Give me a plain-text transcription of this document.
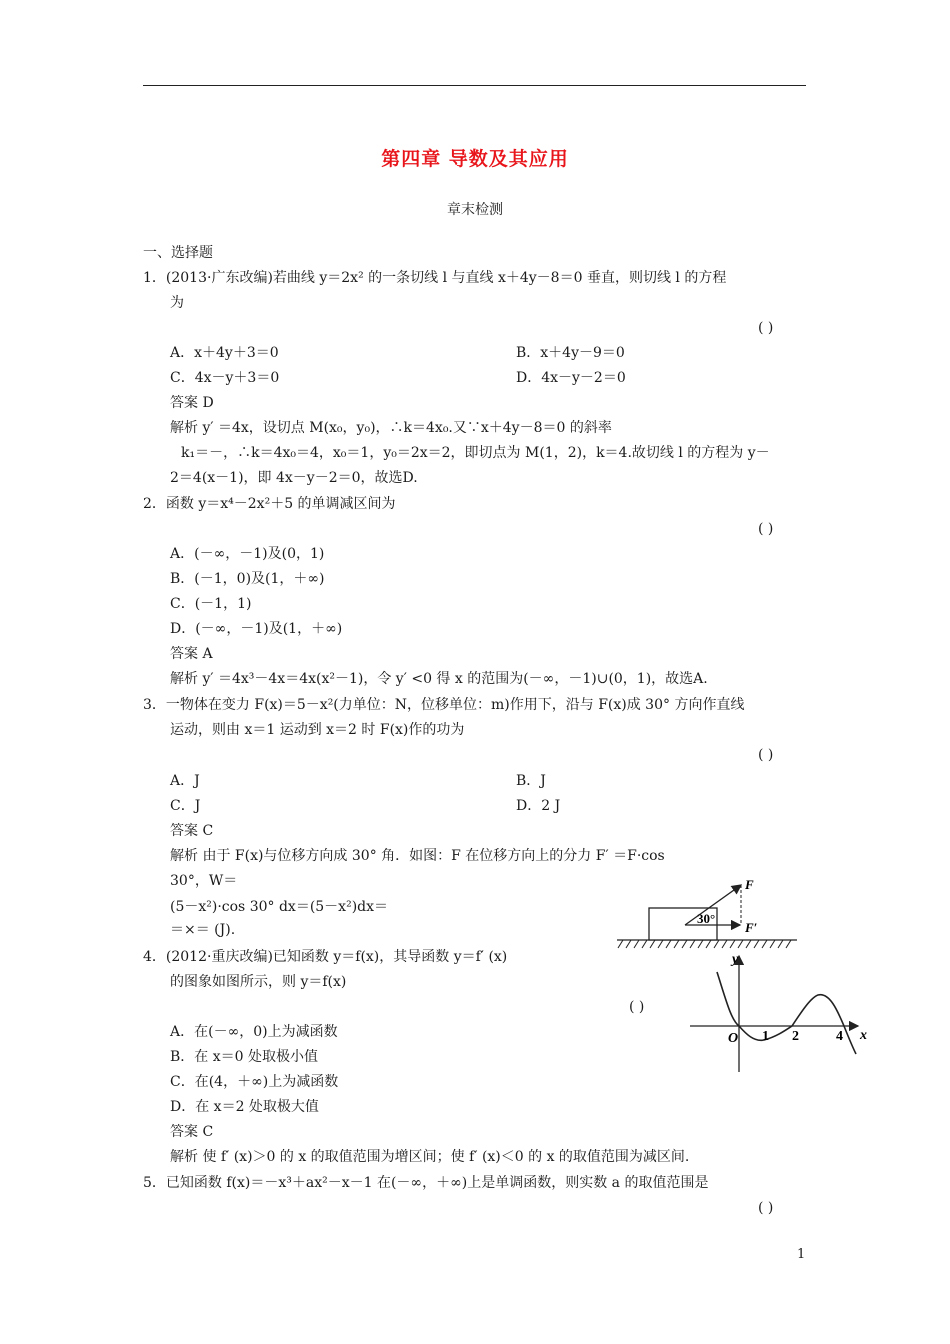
第四章 导数及其应用
章末检测
一、选择题
1．(2013·广东改编)若曲线 y＝2x² 的一条切线 l 与直线 x＋4y－8＝0 垂直，则切线 l 的方程
为
( )
A．x＋4y＋3＝0	B．x＋4y－9＝0
C．4x－y＋3＝0	D．4x－y－2＝0
答案 D
解析 y′ ＝4x，设切点 M(x₀，y₀)，∴k＝4x₀.又∵x＋4y－8＝0 的斜率
k₁＝－，∴k＝4x₀＝4，x₀＝1，y₀＝2x＝2，即切点为 M(1，2)，k＝4.故切线 l 的方程为 y－
2＝4(x－1)，即 4x－y－2＝0，故选D.
2．函数 y＝x⁴－2x²＋5 的单调减区间为
( )
A．(－∞，－1)及(0，1)
B．(－1，0)及(1，＋∞)
C．(－1，1)
D．(－∞，－1)及(1，＋∞)
答案 A
解析 y′ ＝4x³－4x＝4x(x²－1)，令 y′ <0 得 x 的范围为(－∞，－1)∪(0，1)，故选A.
3．一物体在变力 F(x)＝5－x²(力单位：N，位移单位：m)作用下，沿与 F(x)成 30° 方向作直线
运动，则由 x＝1 运动到 x＝2 时 F(x)作的功为
( )
A．J	B．J
C．J	D．2 J
答案 C
解析 由于 F(x)与位移方向成 30° 角．如图：F 在位移方向上的分力 F′ ＝F·cos
30°，W＝
(5－x²)·cos 30° dx＝(5－x²)dx＝
＝×＝ (J).
F
F′
30°
4．(2012·重庆改编)已知函数 y＝f(x)，其导函数 y＝f′ (x)
的图象如图所示，则 y＝f(x)
( )
A．在(－∞，0)上为减函数
B．在 x＝0 处取极小值
C．在(4，＋∞)上为减函数
D．在 x＝2 处取极大值
答案 C
解析 使 f′ (x)＞0 的 x 的取值范围为增区间；使 f′ (x)＜0 的 x 的取值范围为减区间.
y
x
O 1 2	4
5．已知函数 f(x)＝－x³＋ax²－x－1 在(－∞，＋∞)上是单调函数，则实数 a 的取值范围是
( )
1
